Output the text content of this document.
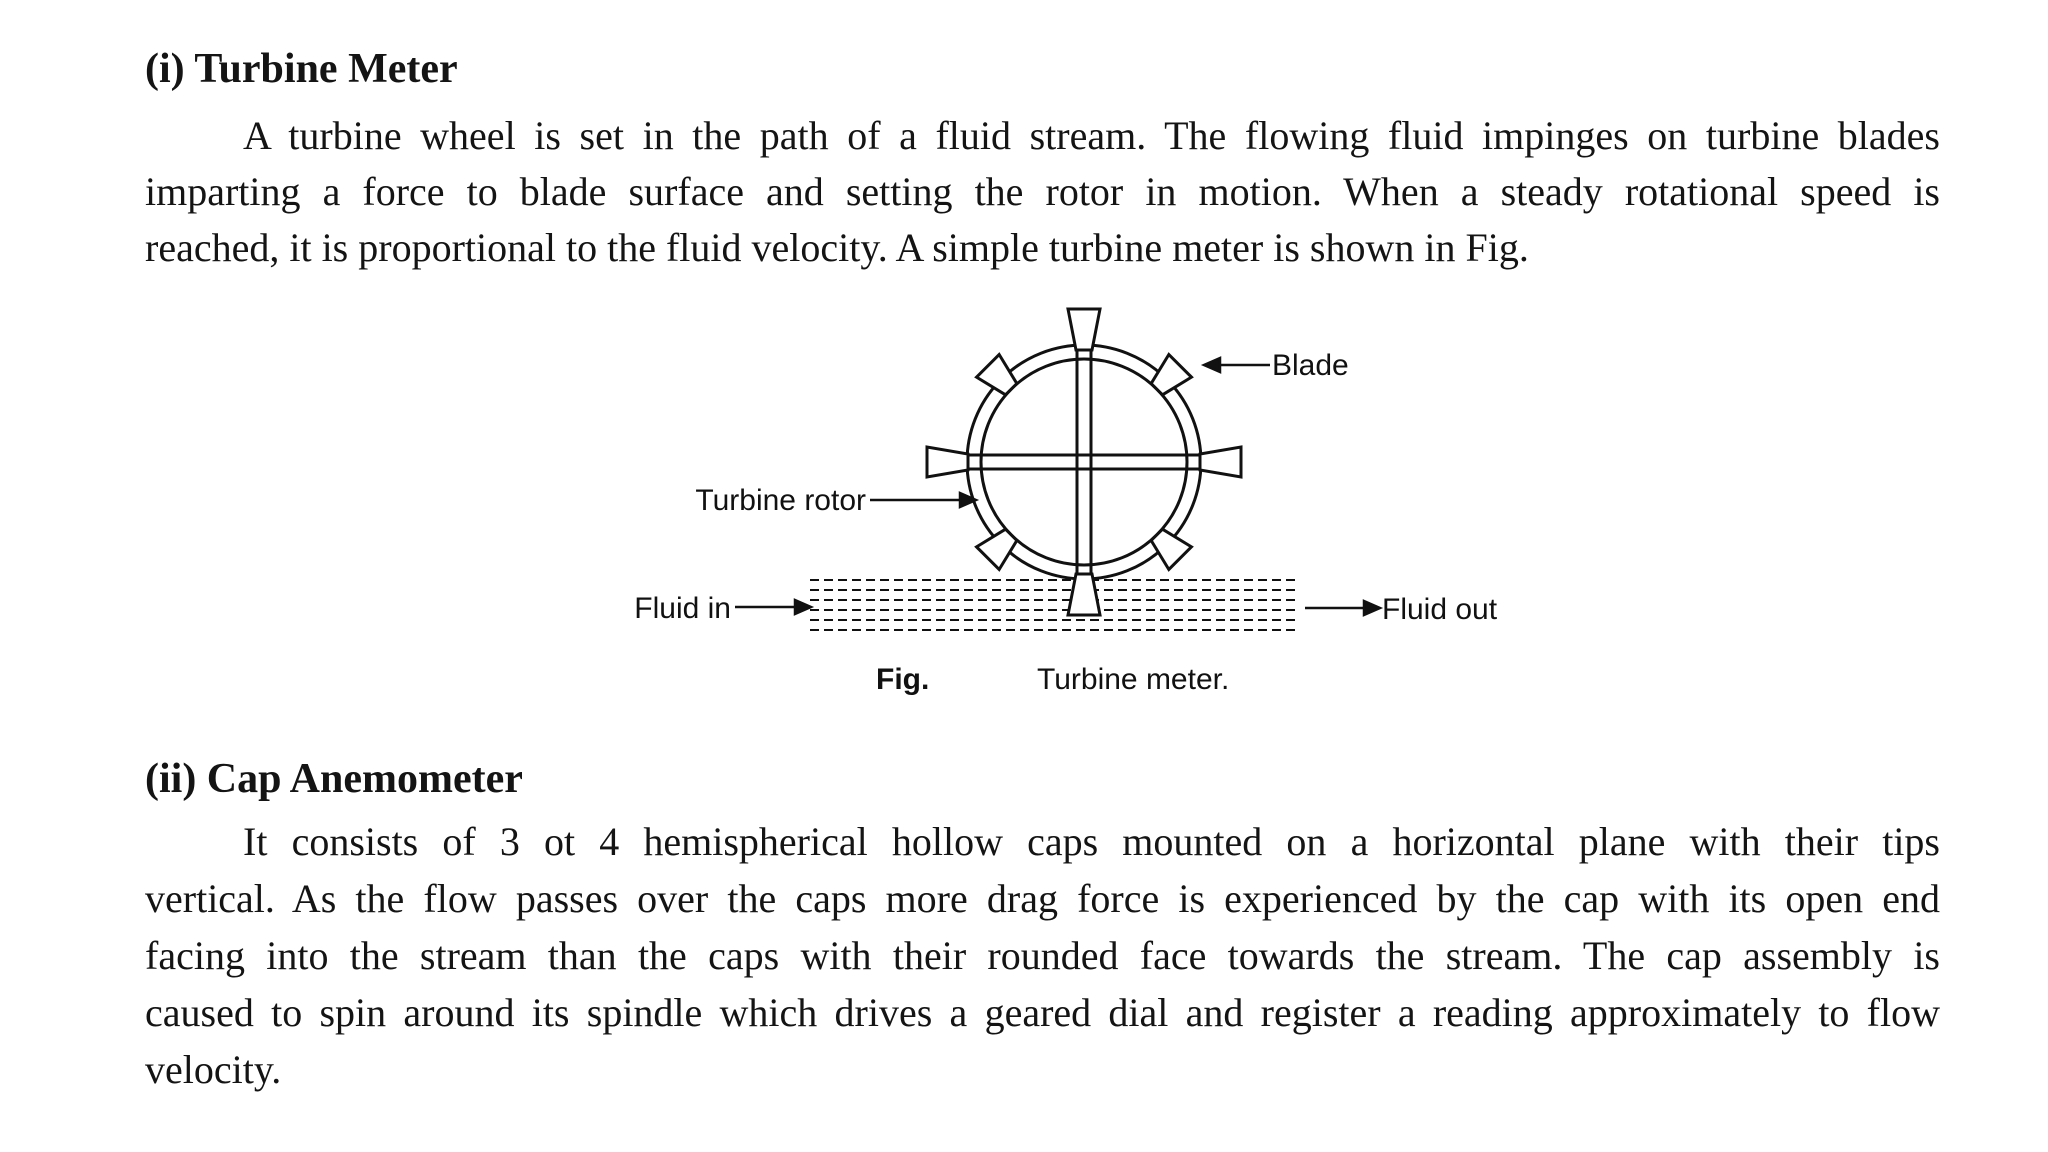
(i) Turbine Meter

A turbine wheel is set in the path of a fluid stream. The flowing fluid impinges on turbine blades
imparting a force to blade surface and setting the rotor in motion. When a steady rotational speed is
reached, it is proportional to the fluid velocity. A simple turbine meter is shown in Fig.

Blade
Turbine rotor
Fluid in	Fluid out
Fig.	Turbine meter.
(ii) Cap Anemometer

It consists of 3 ot 4 hemispherical hollow caps mounted on a horizontal plane with their tips
vertical. As the flow passes over the caps more drag force is experienced by the cap with its open end
facing into the stream than the caps with their rounded face towards the stream. The cap assembly is
caused to spin around its spindle which drives a geared dial and register a reading approximately to flow
velocity.
